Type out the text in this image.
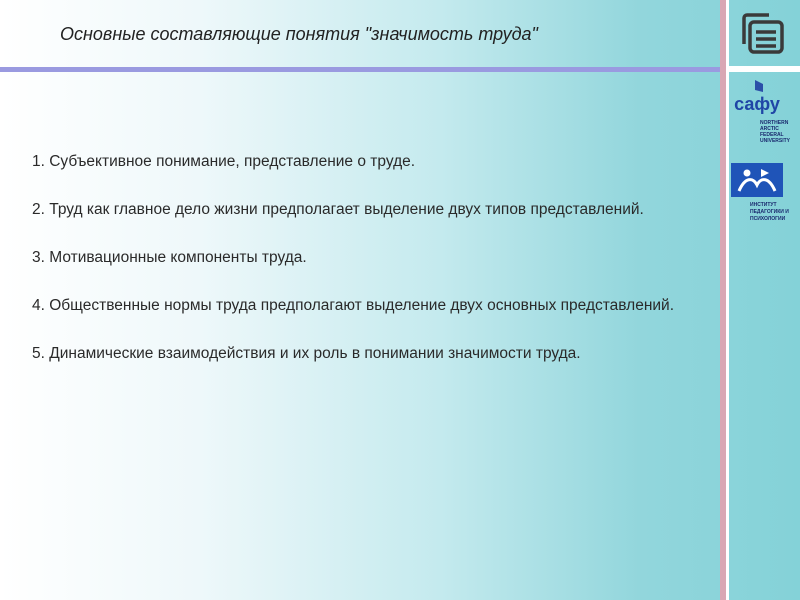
Основные составляющие понятия "значимость труда"
сафу
NORTHERN ARCTIC FEDERAL UNIVERSITY
ИНСТИТУТ ПЕДАГОГИКИ И ПСИХОЛОГИИ
1. Субъективное понимание, представление о труде.
2. Труд как главное дело жизни предполагает выделение двух типов представлений.
3. Мотивационные компоненты труда.
4. Общественные нормы труда предполагают выделение двух основных представлений.
5. Динамические взаимодействия и их роль в понимании значимости труда.
